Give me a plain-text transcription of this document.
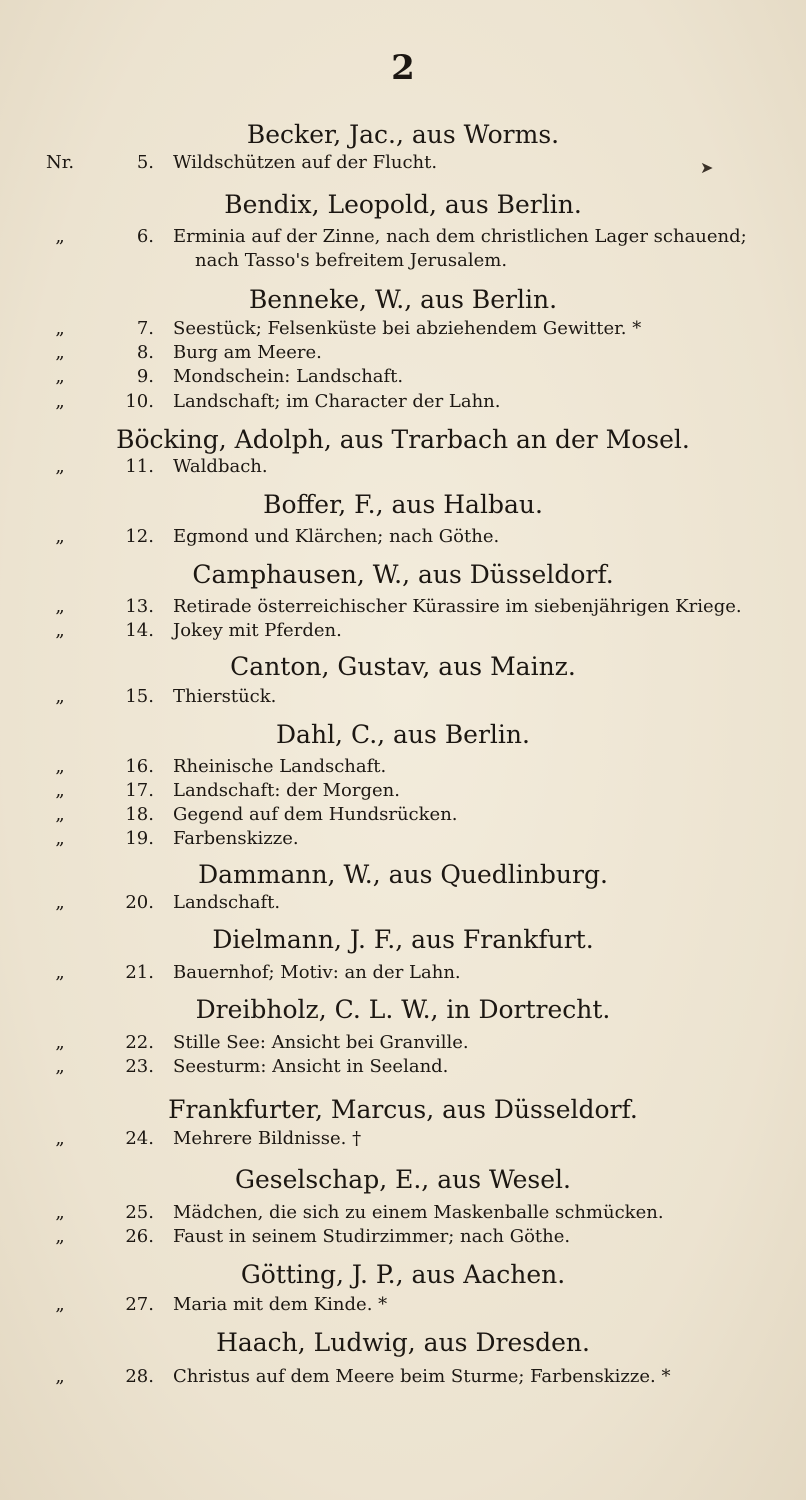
2
Becker, Jac., aus Worms.
Nr.	5. Wildschützen auf der Flucht.
Bendix, Leopold, aus Berlin.
„	6. Erminia auf der Zinne, nach dem christlichen Lager schauend;
nach Tasso's befreitem Jerusalem.
Benneke, W., aus Berlin.
„	7. Seestück; Felsenküste bei abziehendem Gewitter. *
„	8. Burg am Meere.
„	9. Mondschein: Landschaft.
„	10. Landschaft; im Character der Lahn.
Böcking, Adolph, aus Trarbach an der Mosel.
„	11. Waldbach.
Boffer, F., aus Halbau.
„	12. Egmond und Klärchen; nach Göthe.
Camphausen, W., aus Düsseldorf.
„	13. Retirade österreichischer Kürassire im siebenjährigen Kriege.
„	14. Jokey mit Pferden.
Canton, Gustav, aus Mainz.
„	15. Thierstück.
Dahl, C., aus Berlin.
„	16. Rheinische Landschaft.
„	17. Landschaft: der Morgen.
„	18. Gegend auf dem Hundsrücken.
„	19. Farbenskizze.
Dammann, W., aus Quedlinburg.
„	20. Landschaft.
Dielmann, J. F., aus Frankfurt.
„	21. Bauernhof; Motiv: an der Lahn.
Dreibholz, C. L. W., in Dortrecht.
„	22. Stille See: Ansicht bei Granville.
„	23. Seesturm: Ansicht in Seeland.
Frankfurter, Marcus, aus Düsseldorf.
„	24. Mehrere Bildnisse. †
Geselschap, E., aus Wesel.
„	25. Mädchen, die sich zu einem Maskenballe schmücken.
„	26. Faust in seinem Studirzimmer; nach Göthe.
Götting, J. P., aus Aachen.
„	27. Maria mit dem Kinde. *
Haach, Ludwig, aus Dresden.
„	28. Christus auf dem Meere beim Sturme; Farbenskizze. *
➤
